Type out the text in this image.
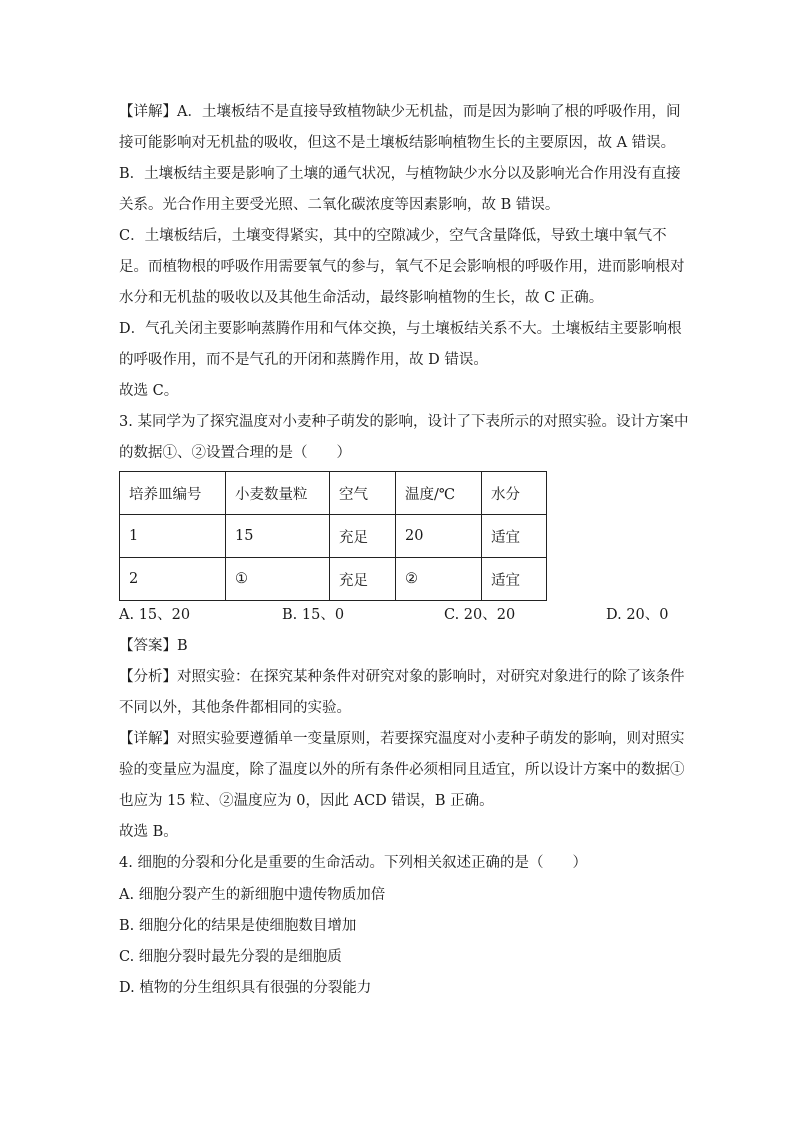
【详解】A．土壤板结不是直接导致植物缺少无机盐，而是因为影响了根的呼吸作用，间
接可能影响对无机盐的吸收，但这不是土壤板结影响植物生长的主要原因，故 A 错误。
B．土壤板结主要是影响了土壤的通气状况，与植物缺少水分以及影响光合作用没有直接
关系。光合作用主要受光照、二氧化碳浓度等因素影响，故 B 错误。
C．土壤板结后，土壤变得紧实，其中的空隙减少，空气含量降低，导致土壤中氧气不
足。而植物根的呼吸作用需要氧气的参与，氧气不足会影响根的呼吸作用，进而影响根对
水分和无机盐的吸收以及其他生命活动，最终影响植物的生长，故 C 正确。
D．气孔关闭主要影响蒸腾作用和气体交换，与土壤板结关系不大。土壤板结主要影响根
的呼吸作用，而不是气孔的开闭和蒸腾作用，故 D 错误。
故选 C。
3. 某同学为了探究温度对小麦种子萌发的影响，设计了下表所示的对照实验。设计方案中
的数据①、②设置合理的是（　　）
培养皿编号	小麦数量粒	空气	温度/℃	水分
1	15	充足	20	适宜
2	①	充足	②	适宜
A. 15、20	B. 15、0	C. 20、20	D. 20、0
【答案】B
【分析】对照实验：在探究某种条件对研究对象的影响时，对研究对象进行的除了该条件
不同以外，其他条件都相同的实验。
【详解】对照实验要遵循单一变量原则，若要探究温度对小麦种子萌发的影响，则对照实
验的变量应为温度，除了温度以外的所有条件必须相同且适宜，所以设计方案中的数据①
也应为 15 粒、②温度应为 0，因此 ACD 错误，B 正确。
故选 B。
4. 细胞的分裂和分化是重要的生命活动。下列相关叙述正确的是（　　）
A. 细胞分裂产生的新细胞中遗传物质加倍
B. 细胞分化的结果是使细胞数目增加
C. 细胞分裂时最先分裂的是细胞质
D. 植物的分生组织具有很强的分裂能力
